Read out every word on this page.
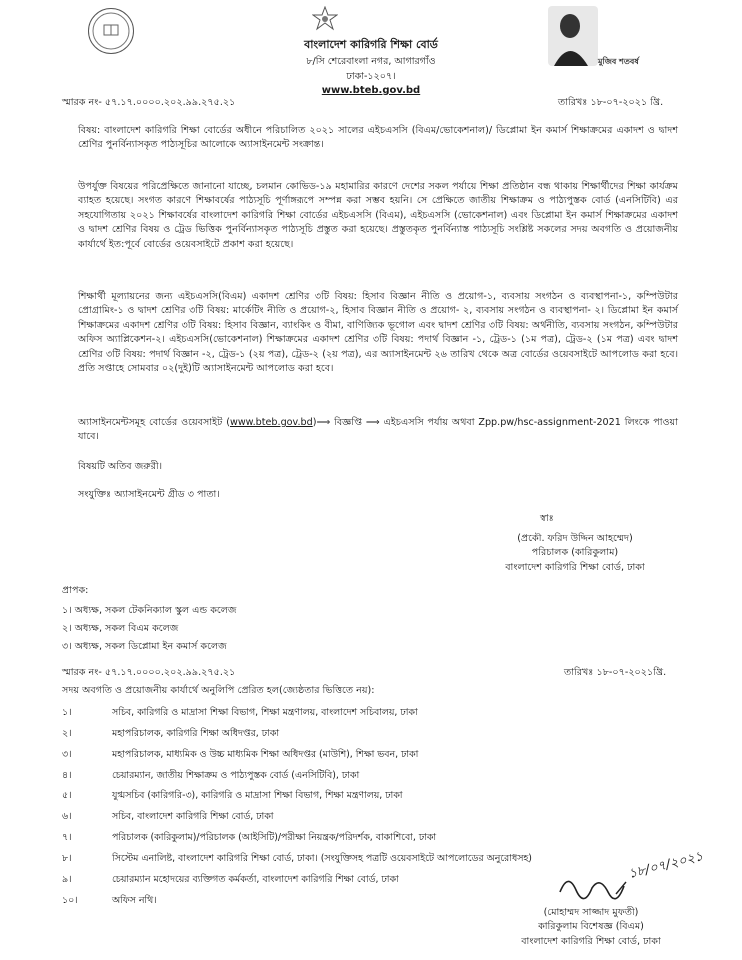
মুজিব শতবর্ষ
বাংলাদেশ কারিগরি শিক্ষা বোর্ড
৮/সি শেরেবাংলা নগর, আগারগাঁও
ঢাকা-১২০৭।
www.bteb.gov.bd
স্মারক নং- ৫৭.১৭.০০০০.২০২.৯৯.২৭৫.২১	তারিখঃ ১৮-০৭-২০২১ খ্রি.

বিষয়: বাংলাদেশ কারিগরি শিক্ষা বোর্ডের অধীনে পরিচালিত ২০২১ সালের এইচএসসি (বিএম/ভোকেশনাল)/ ডিপ্লোমা ইন কমার্স শিক্ষাক্রমের একাদশ ও দ্বাদশ শ্রেণির পুনর্বিন্যাসকৃত পাঠ্যসূচির আলোকে অ্যাসাইনমেন্ট সংক্রান্ত।

উপর্যুক্ত বিষয়ের পরিপ্রেক্ষিতে জানানো যাচ্ছে, চলমান কোভিড-১৯ মহামারির কারণে দেশের সকল পর্যায়ে শিক্ষা প্রতিষ্ঠান বন্ধ থাকায় শিক্ষার্থীদের শিক্ষা কার্যক্রম ব্যাহত হয়েছে। সংগত কারণে শিক্ষাবর্ষের পাঠ্যসূচি পূর্ণাঙ্গরূপে সম্পন্ন করা সম্ভব হয়নি। সে প্রেক্ষিতে জাতীয় শিক্ষাক্রম ও পাঠ্যপুস্তক বোর্ড (এনসিটিবি) এর সহযোগিতায় ২০২১ শিক্ষাবর্ষের বাংলাদেশ কারিগরি শিক্ষা বোর্ডের এইচএসসি (বিএম), এইচএসসি (ভোকেশনাল) এবং ডিপ্লোমা ইন কমার্স শিক্ষাক্রমের একাদশ ও দ্বাদশ শ্রেণির বিষয় ও ট্রেড ভিত্তিক পুনর্বিন্যাসকৃত পাঠ্যসূচি প্রস্তুত করা হয়েছে। প্রস্তুতকৃত পুনর্বিন্যাস্ত পাঠ্যসূচি সংশ্লিষ্ট সকলের সদয় অবগতি ও প্রয়োজনীয় কার্যার্থে ইত:পূর্বে বোর্ডের ওয়েবসাইটে প্রকাশ করা হয়েছে।

শিক্ষার্থী মূল্যায়নের জন্য এইচএসসি(বিএম) একাদশ শ্রেণির ৩টি বিষয়: হিসাব বিজ্ঞান নীতি ও প্রয়োগ-১, ব্যবসায় সংগঠন ও ব্যবস্থাপনা-১, কম্পিউটার প্রোগ্রামিং-১ ও দ্বাদশ শ্রেণির ৩টি বিষয়: মার্কেটিং নীতি ও প্রয়োগ-২, হিসাব বিজ্ঞান নীতি ও প্রয়োগ- ২, ব্যবসায় সংগঠন ও ব্যবস্থাপনা- ২। ডিপ্লোমা ইন কমার্স শিক্ষাক্রমের একাদশ শ্রেণির ৩টি বিষয়: হিসাব বিজ্ঞান, ব্যাংকিং ও বীমা, বাণিজ্যিক ভূগোল এবং দ্বাদশ শ্রেণির ৩টি বিষয়: অর্থনীতি, ব্যবসায় সংগঠন, কম্পিউটার অফিস অ্যাপ্লিকেশন-২। এইচএসসি(ভোকেশনাল) শিক্ষাক্রমের একাদশ শ্রেণির ৩টি বিষয়: পদার্থ বিজ্ঞান -১, ট্রেড-১ (১ম পত্র), ট্রেড-২ (১ম পত্র) এবং দ্বাদশ শ্রেণির ৩টি বিষয়: পদার্থ বিজ্ঞান -২, ট্রেড-১ (২য় পত্র), ট্রেড-২ (২য় পত্র), এর অ্যাসাইনমেন্ট ২৬ তারিখ থেকে অত্র বোর্ডের ওয়েবসাইটে আপলোড করা হবে। প্রতি সপ্তাহে সোমবার ০২(দুই)টি অ্যাসাইনমেন্ট আপলোড করা হবে।

অ্যাসাইনমেন্টসমূহ বোর্ডের ওয়েবসাইট (www.bteb.gov.bd)⟹ বিজ্ঞপ্তি ⟹ এইচএসসি পর্যায় অথবা Zpp.pw/hsc-assignment-2021 লিংকে পাওয়া যাবে।

বিষয়টি অতিব জরুরী।
সংযুক্তিঃ অ্যাসাইনমেন্ট গ্রীড ৩ পাতা।
স্বাঃ
(প্রকৌ. ফরিদ উদ্দিন আহম্মেদ)
পরিচালক (কারিকুলাম)
বাংলাদেশ কারিগরি শিক্ষা বোর্ড, ঢাকা
প্রাপক:
১। অধ্যক্ষ, সকল টেকনিক্যাল স্কুল এন্ড কলেজ
২। অধ্যক্ষ, সকল বিএম কলেজ
৩। অধ্যক্ষ, সকল ডিপ্লোমা ইন কমার্স কলেজ
স্মারক নং- ৫৭.১৭.০০০০.২০২.৯৯.২৭৫.২১	তারিখঃ ১৮-০৭-২০২১খ্রি.
সদয় অবগতি ও প্রয়োজনীয় কার্যার্থে অনুলিপি প্রেরিত হল(জ্যেষ্ঠতার ভিত্তিতে নয়):
১।	সচিব, কারিগরি ও মাদ্রাসা শিক্ষা বিভাগ, শিক্ষা মন্ত্রণালয়, বাংলাদেশ সচিবালয়, ঢাকা
২।	মহাপরিচালক, কারিগরি শিক্ষা অধিদপ্তর, ঢাকা
৩।	মহাপরিচালক, মাধ্যমিক ও উচ্চ মাধ্যমিক শিক্ষা অধিদপ্তর (মাউশি), শিক্ষা ভবন, ঢাকা
৪।	চেয়ারম্যান, জাতীয় শিক্ষাক্রম ও পাঠ্যপুস্তক বোর্ড (এনসিটিবি), ঢাকা
৫।	যুগ্মসচিব (কারিগরি-৩), কারিগরি ও মাদ্রাসা শিক্ষা বিভাগ, শিক্ষা মন্ত্রণালয়, ঢাকা
৬।	সচিব, বাংলাদেশ কারিগরি শিক্ষা বোর্ড, ঢাকা
৭।	পরিচালক (কারিকুলাম)/পরিচালক (আইসিটি)/পরীক্ষা নিয়ন্ত্রক/পরিদর্শক, বাকাশিবো, ঢাকা
৮।	সিস্টেম এনালিষ্ট, বাংলাদেশ কারিগরি শিক্ষা বোর্ড, ঢাকা। (সংযুক্তিসহ পত্রটি ওয়েবসাইটে আপলোডের অনুরোধসহ)
৯।	চেয়ারম্যান মহোদয়ের ব্যক্তিগত কর্মকর্তা, বাংলাদেশ কারিগরি শিক্ষা বোর্ড, ঢাকা
১০।	অফিস নথি।
১৮/০৭/২০২১
(মোহাম্মদ সাজ্জাদ মুফতী)
কারিকুলাম বিশেষজ্ঞ (বিএম)
বাংলাদেশ কারিগরি শিক্ষা বোর্ড, ঢাকা
